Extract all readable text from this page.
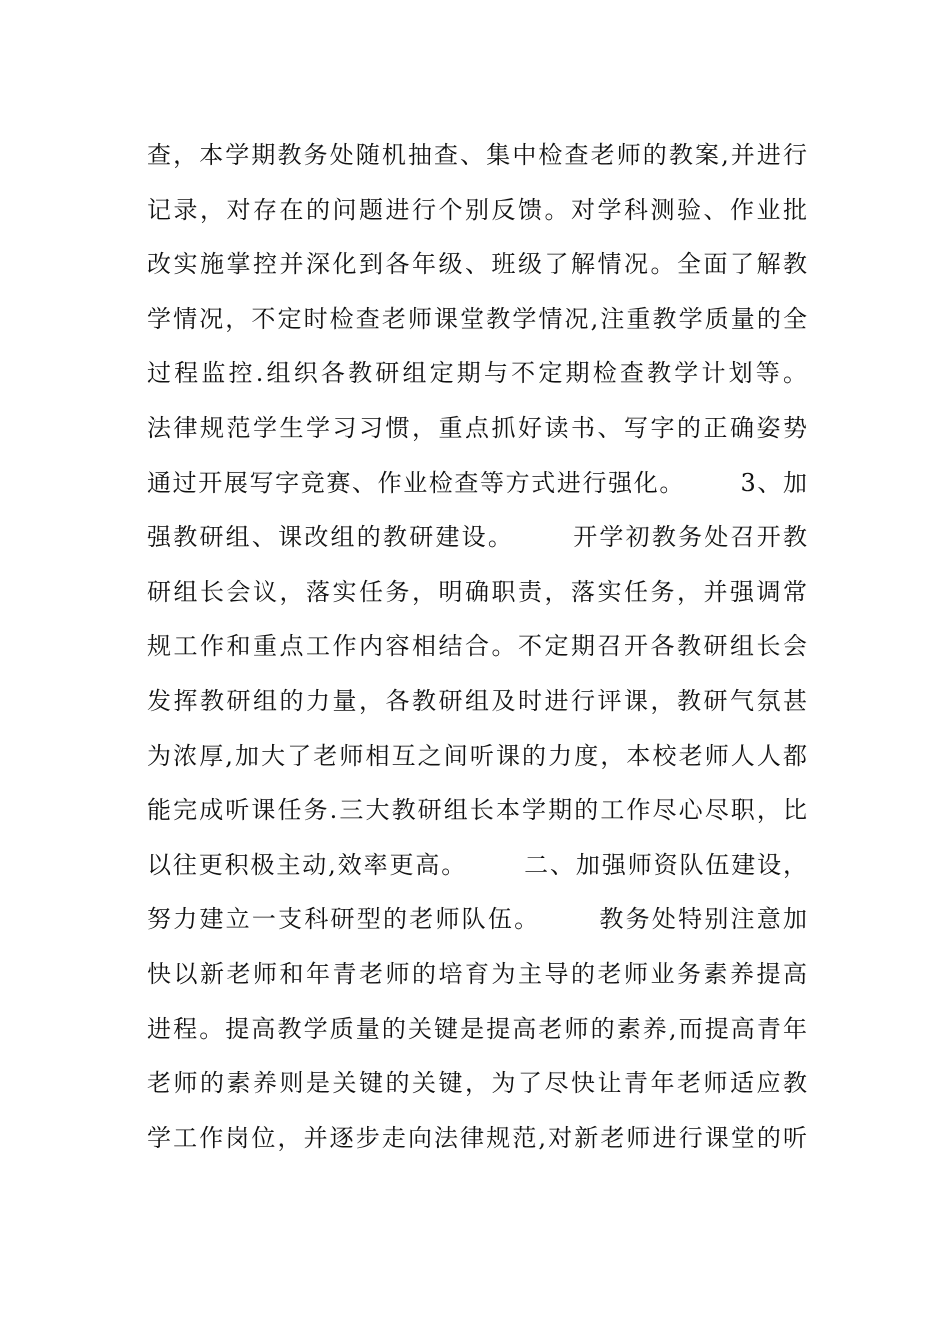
查，本学期教务处随机抽查、集中检查老师的教案,并进行
记录，对存在的问题进行个别反馈。对学科测验、作业批
改实施掌控并深化到各年级、班级了解情况。全面了解教
学情况，不定时检查老师课堂教学情况,注重教学质量的全
过程监控.组织各教研组定期与不定期检查教学计划等。
法律规范学生学习习惯，重点抓好读书、写字的正确姿势
通过开展写字竞赛、作业检查等方式进行强化。      3、加
强教研组、课改组的教研建设。      开学初教务处召开教
研组长会议，落实任务，明确职责，落实任务，并强调常
规工作和重点工作内容相结合。不定期召开各教研组长会
发挥教研组的力量，各教研组及时进行评课，教研气氛甚
为浓厚,加大了老师相互之间听课的力度，本校老师人人都
能完成听课任务.三大教研组长本学期的工作尽心尽职，比
以往更积极主动,效率更高。      二、加强师资队伍建设，
努力建立一支科研型的老师队伍。      教务处特别注意加
快以新老师和年青老师的培育为主导的老师业务素养提高
进程。提高教学质量的关键是提高老师的素养,而提高青年
老师的素养则是关键的关键，为了尽快让青年老师适应教
学工作岗位，并逐步走向法律规范,对新老师进行课堂的听
